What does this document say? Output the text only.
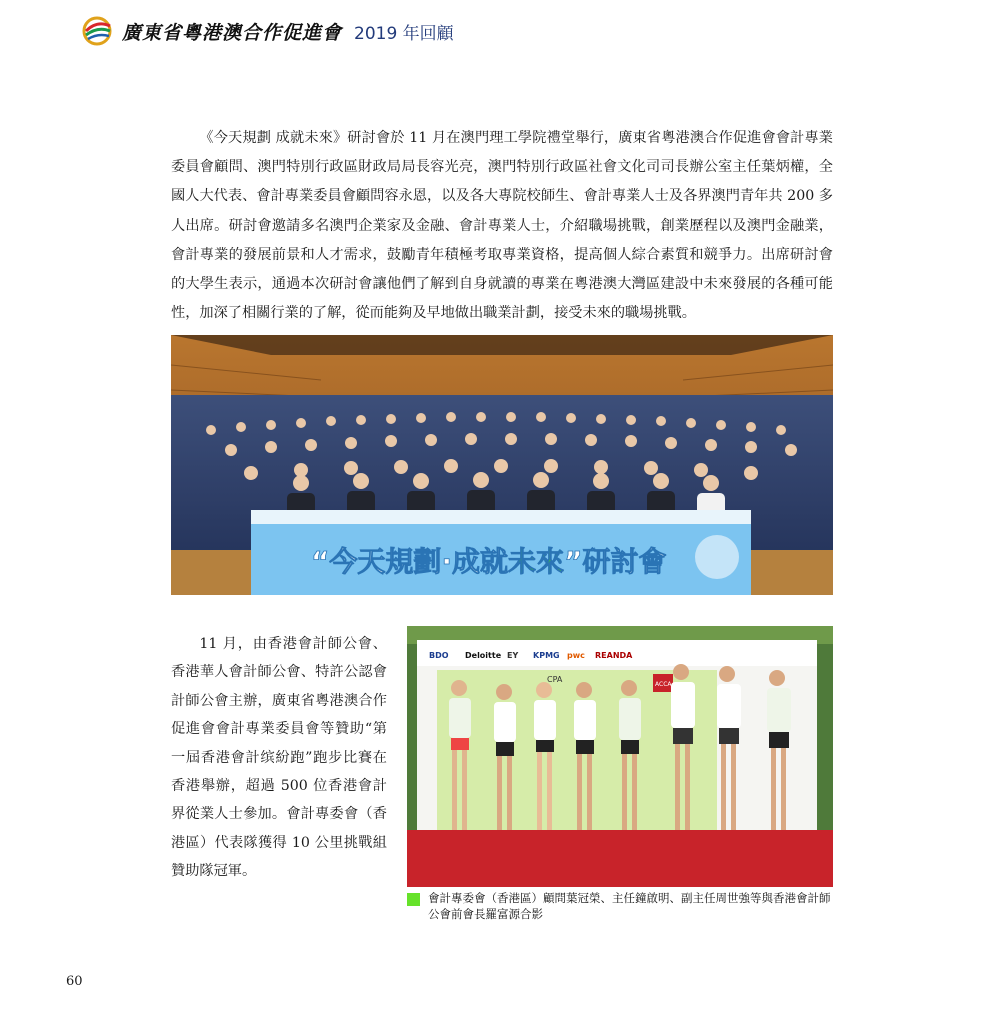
廣東省粵港澳合作促進會 2019 年回顧

《今天規劃 成就未來》研討會於 11 月在澳門理工學院禮堂舉行，廣東省粵港澳合作促進會會計專業委員會顧問、澳門特別行政區財政局局長容光亮，澳門特別行政區社會文化司司長辦公室主任葉炳權，全國人大代表、會計專業委員會顧問容永恩，以及各大專院校師生、會計專業人士及各界澳門青年共 200 多人出席。研討會邀請多名澳門企業家及金融、會計專業人士，介紹職場挑戰，創業歷程以及澳門金融業，會計專業的發展前景和人才需求，鼓勵青年積極考取專業資格，提高個人綜合素質和競爭力。出席研討會的大學生表示，通過本次研討會讓他們了解到自身就讀的專業在粵港澳大灣區建設中未來發展的各種可能性，加深了相關行業的了解，從而能夠及早地做出職業計劃，接受未來的職場挑戰。

“今天規劃·成就未來”研討會

11 月，由香港會計師公會、香港華人會計師公會、特許公認會計師公會主辦，廣東省粵港澳合作促進會會計專業委員會等贊助“第一屆香港會計缤紛跑”跑步比賽在香港舉辦，超過 500 位香港會計界從業人士參加。會計專委會（香港區）代表隊獲得 10 公里挑戰組贊助隊冠軍。

BDO Deloitte EY KPMG pwc REANDA
ACCA
CPA
會計專委會（香港區）顧問葉冠榮、主任鐘啟明、副主任周世強等與香港會計師公會前會長羅富源合影
60
